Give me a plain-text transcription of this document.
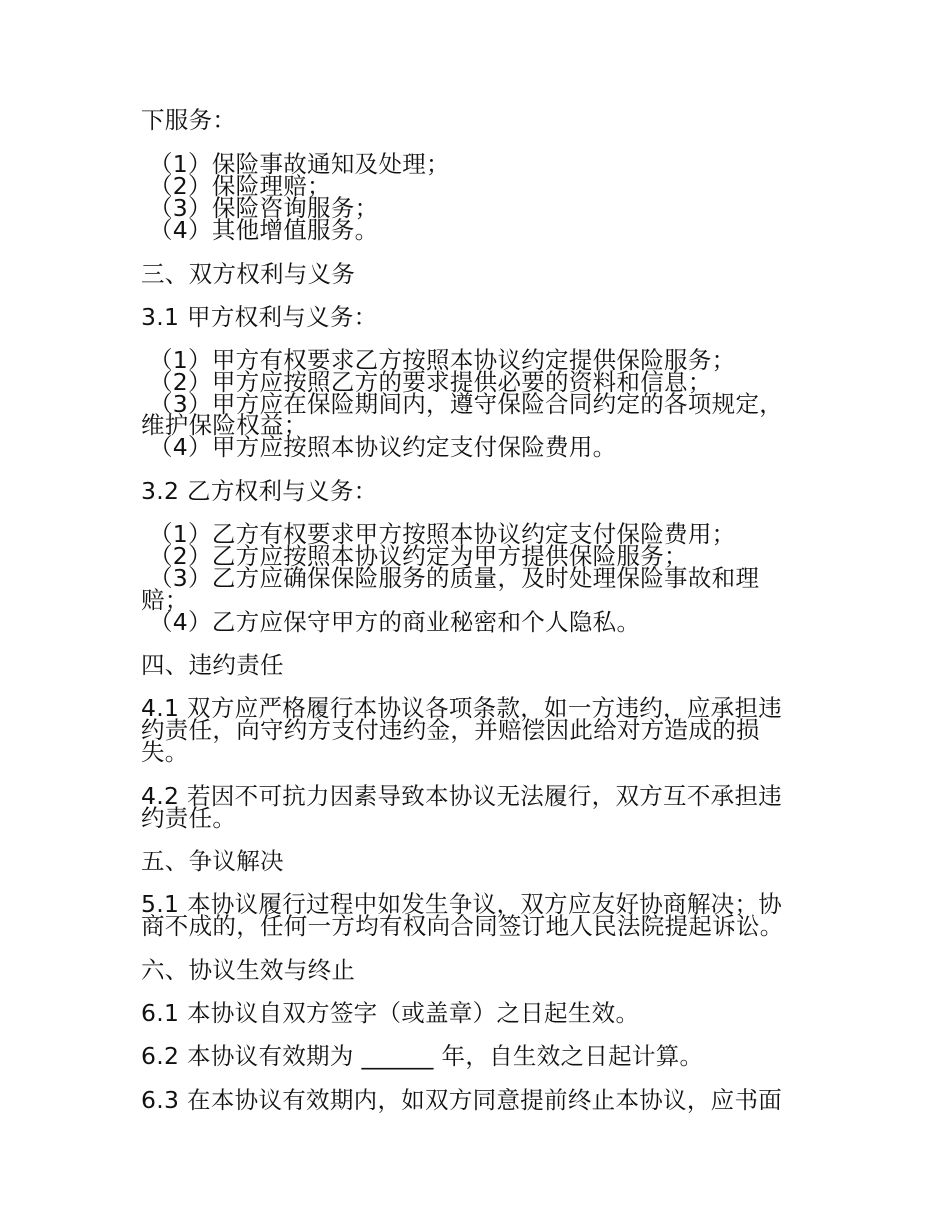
下服务：
（1）保险事故通知及处理；
（2）保险理赔；
（3）保险咨询服务；
（4）其他增值服务。
三、双方权利与义务
3.1 甲方权利与义务：
（1）甲方有权要求乙方按照本协议约定提供保险服务；
（2）甲方应按照乙方的要求提供必要的资料和信息；
（3）甲方应在保险期间内，遵守保险合同约定的各项规定，
维护保险权益；
（4）甲方应按照本协议约定支付保险费用。
3.2 乙方权利与义务：
（1）乙方有权要求甲方按照本协议约定支付保险费用；
（2）乙方应按照本协议约定为甲方提供保险服务；
（3）乙方应确保保险服务的质量，及时处理保险事故和理
赔；
（4）乙方应保守甲方的商业秘密和个人隐私。
四、违约责任
4.1 双方应严格履行本协议各项条款，如一方违约，应承担违
约责任，向守约方支付违约金，并赔偿因此给对方造成的损
失。
4.2 若因不可抗力因素导致本协议无法履行，双方互不承担违
约责任。
五、争议解决
5.1 本协议履行过程中如发生争议，双方应友好协商解决；协
商不成的，任何一方均有权向合同签订地人民法院提起诉讼。
六、协议生效与终止
6.1 本协议自双方签字（或盖章）之日起生效。
6.2 本协议有效期为 ______ 年，自生效之日起计算。
6.3 在本协议有效期内，如双方同意提前终止本协议，应书面
